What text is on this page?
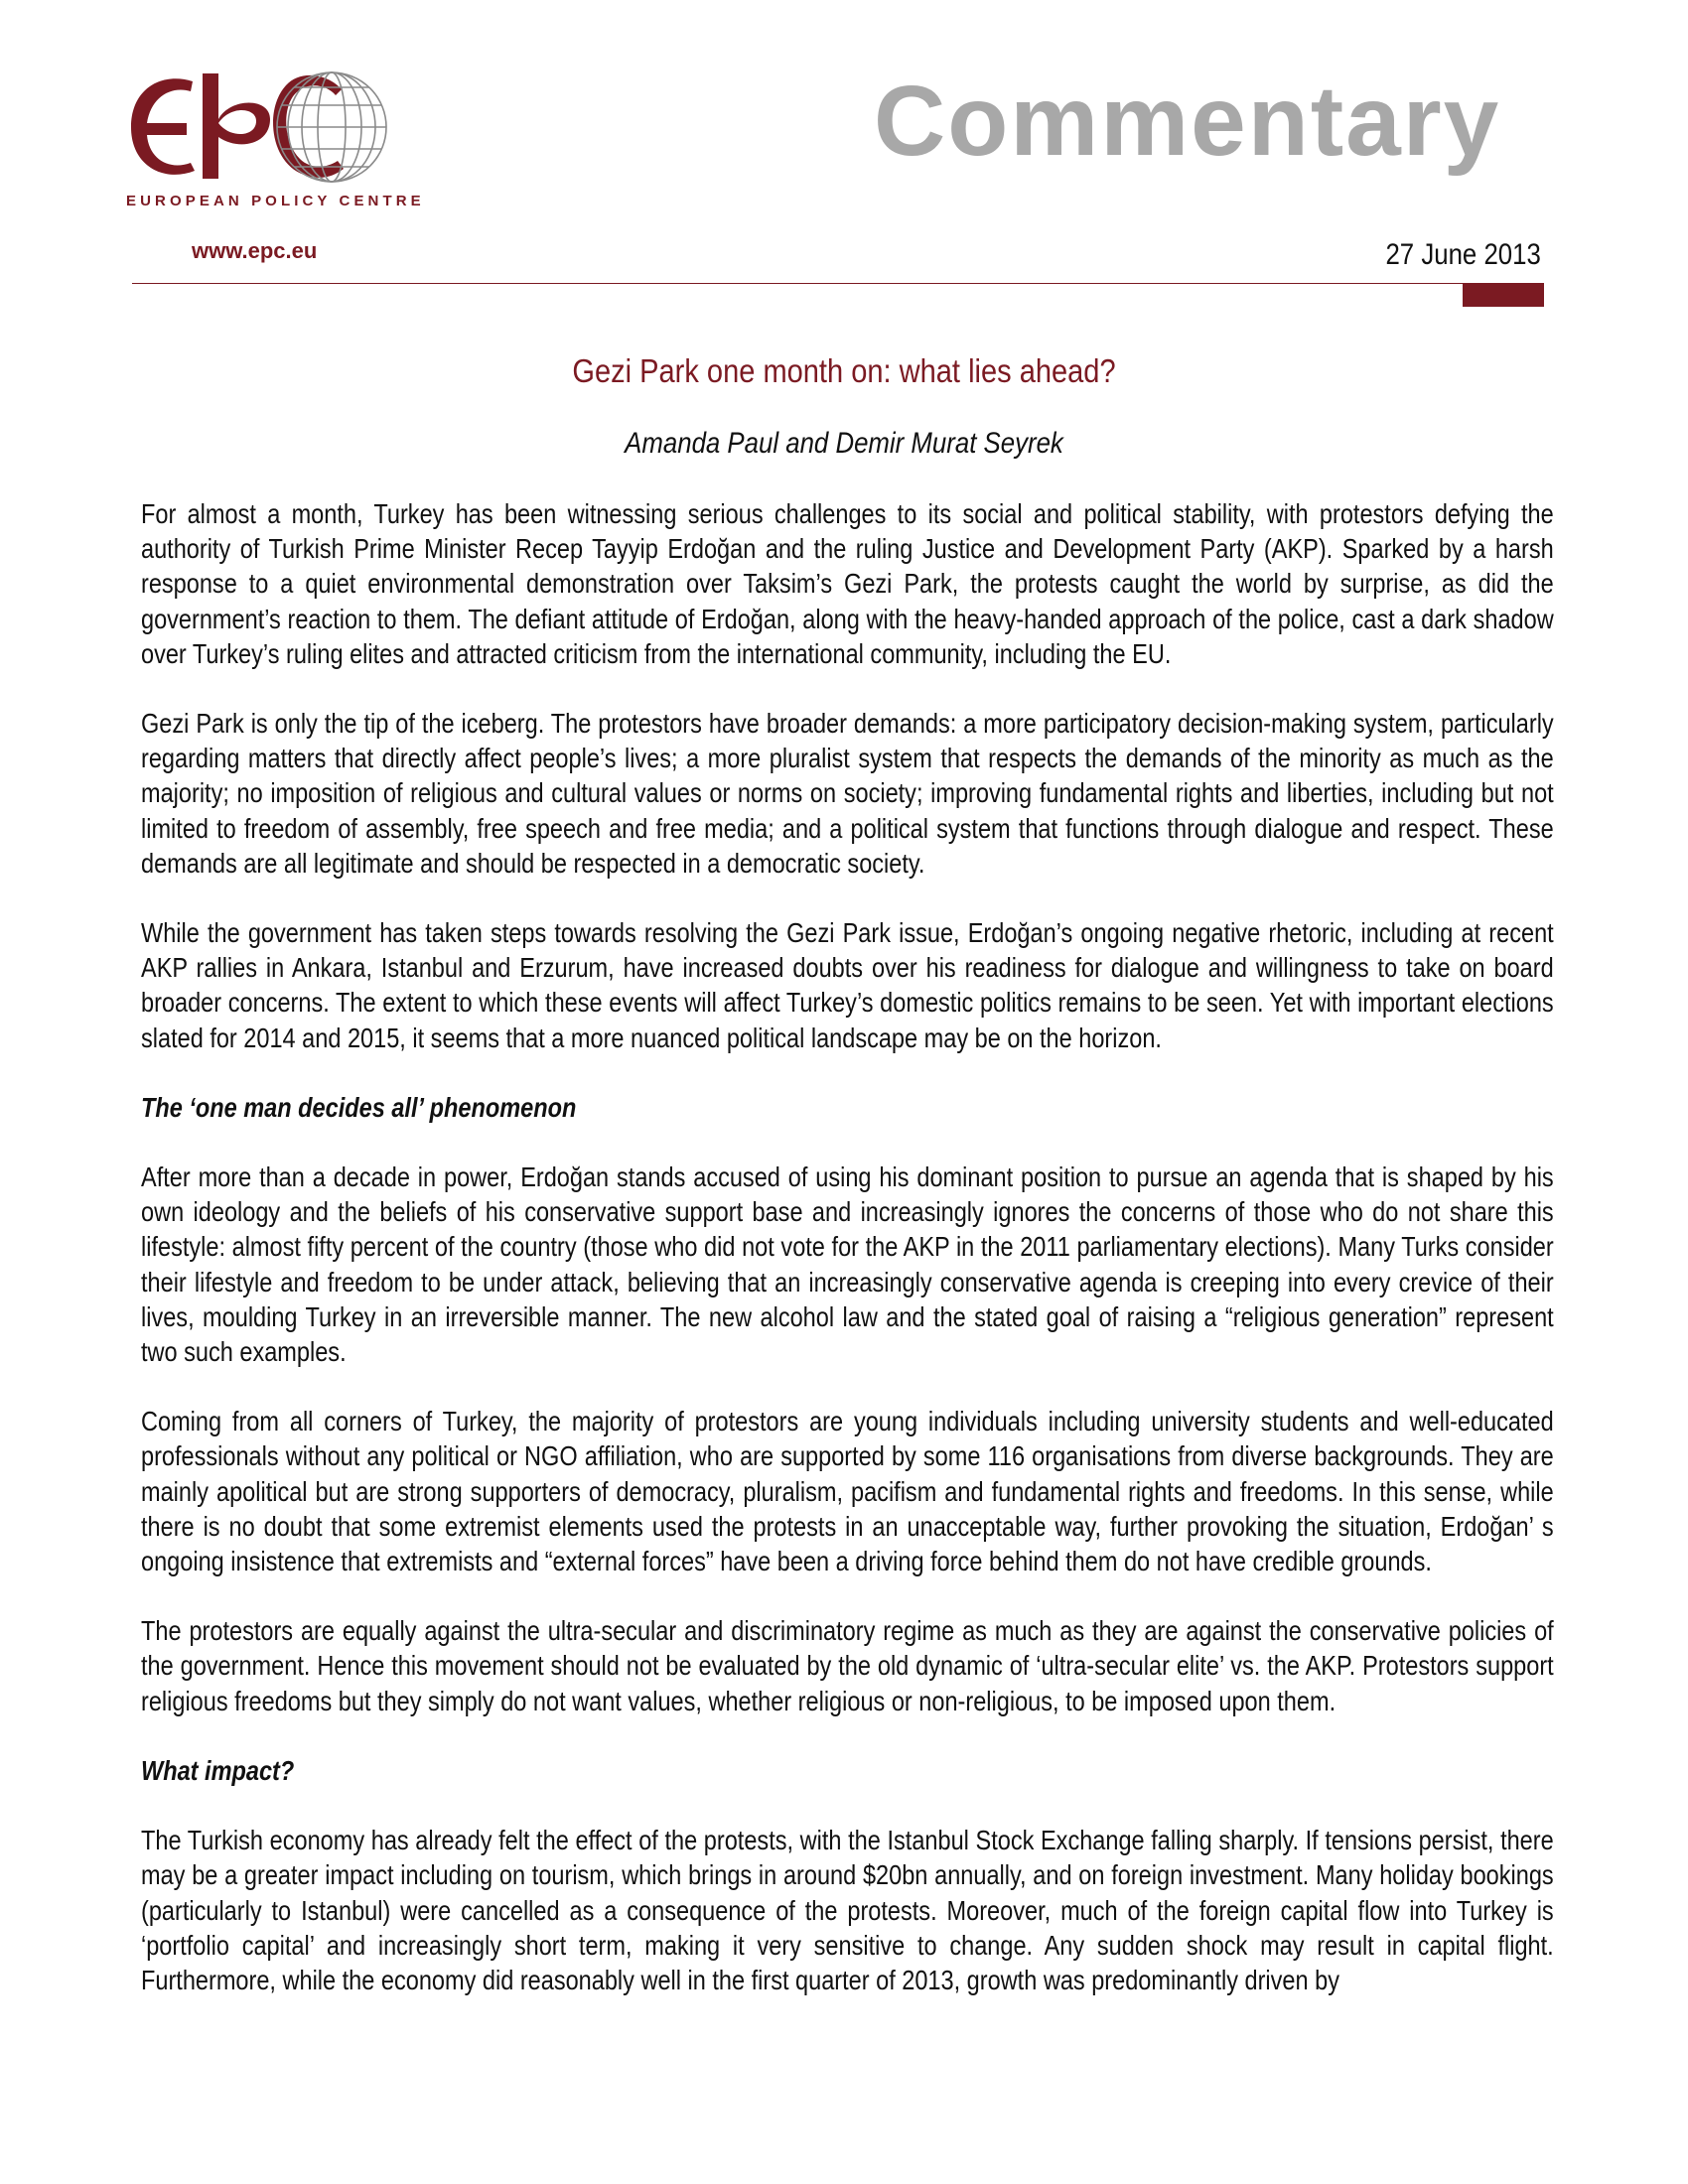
EUROPEAN POLICY CENTRE
www.epc.eu
Commentary
27 June 2013
Gezi Park one month on: what lies ahead?
Amanda Paul and Demir Murat Seyrek

For almost a month, Turkey has been witnessing serious challenges to its social and political stability, with protestors defying the authority of Turkish Prime Minister Recep Tayyip Erdoğan and the ruling Justice and Development Party (AKP). Sparked by a harsh response to a quiet environmental demonstration over Taksim’s Gezi Park, the protests caught the world by surprise, as did the government’s reaction to them. The defiant attitude of Erdoğan, along with the heavy-handed approach of the police, cast a dark shadow over Turkey’s ruling elites and attracted criticism from the international community, including the EU.

Gezi Park is only the tip of the iceberg. The protestors have broader demands: a more participatory decision-making system, particularly regarding matters that directly affect people’s lives; a more pluralist system that respects the demands of the minority as much as the majority; no imposition of religious and cultural values or norms on society; improving fundamental rights and liberties, including but not limited to freedom of assembly, free speech and free media; and a political system that functions through dialogue and respect. These demands are all legitimate and should be respected in a democratic society.

While the government has taken steps towards resolving the Gezi Park issue, Erdoğan’s ongoing negative rhetoric, including at recent AKP rallies in Ankara, Istanbul and Erzurum, have increased doubts over his readiness for dialogue and willingness to take on board broader concerns. The extent to which these events will affect Turkey’s domestic politics remains to be seen. Yet with important elections slated for 2014 and 2015, it seems that a more nuanced political landscape may be on the horizon.

The ‘one man decides all’ phenomenon

After more than a decade in power, Erdoğan stands accused of using his dominant position to pursue an agenda that is shaped by his own ideology and the beliefs of his conservative support base and increasingly ignores the concerns of those who do not share this lifestyle: almost fifty percent of the country (those who did not vote for the AKP in the 2011 parliamentary elections). Many Turks consider their lifestyle and freedom to be under attack, believing that an increasingly conservative agenda is creeping into every crevice of their lives, moulding Turkey in an irreversible manner. The new alcohol law and the stated goal of raising a “religious generation” represent two such examples.

Coming from all corners of Turkey, the majority of protestors are young individuals including university students and well-educated professionals without any political or NGO affiliation, who are supported by some 116 organisations from diverse backgrounds. They are mainly apolitical but are strong supporters of democracy, pluralism, pacifism and fundamental rights and freedoms. In this sense, while there is no doubt that some extremist elements used the protests in an unacceptable way, further provoking the situation, Erdoğan’ s ongoing insistence that extremists and “external forces” have been a driving force behind them do not have credible grounds.

The protestors are equally against the ultra-secular and discriminatory regime as much as they are against the conservative policies of the government. Hence this movement should not be evaluated by the old dynamic of ‘ultra-secular elite’ vs. the AKP. Protestors support religious freedoms but they simply do not want values, whether religious or non-religious, to be imposed upon them.

What impact?

The Turkish economy has already felt the effect of the protests, with the Istanbul Stock Exchange falling sharply. If tensions persist, there may be a greater impact including on tourism, which brings in around $20bn annually, and on foreign investment. Many holiday bookings (particularly to Istanbul) were cancelled as a consequence of the protests. Moreover, much of the foreign capital flow into Turkey is ‘portfolio capital’ and increasingly short term, making it very sensitive to change. Any sudden shock may result in capital flight. Furthermore, while the economy did reasonably well in the first quarter of 2013, growth was predominantly driven by
